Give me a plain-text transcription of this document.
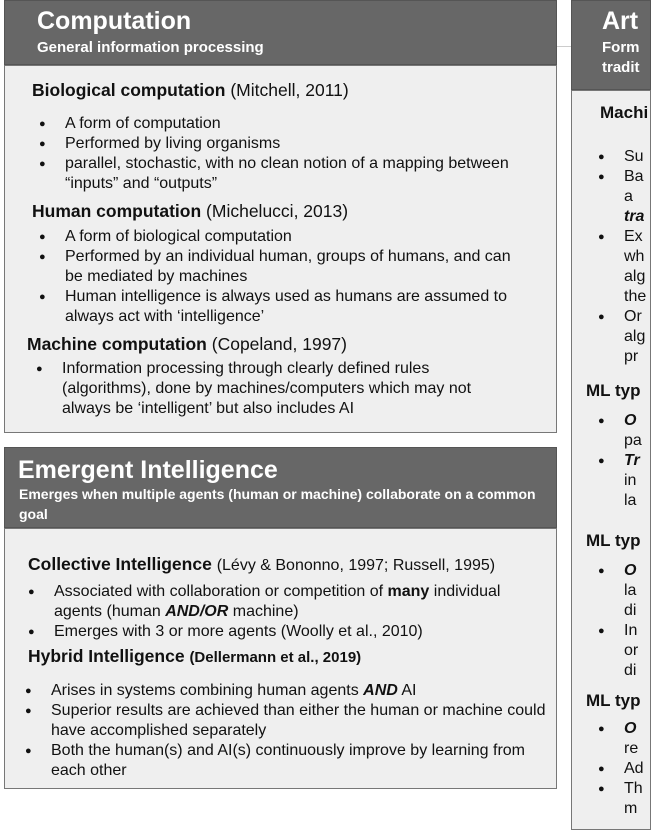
Computation
General information processing
Biological computation (Mitchell, 2011)
● A form of computation
● Performed by living organisms
● parallel, stochastic, with no clean notion of a mapping between “inputs” and “outputs”
Human computation (Michelucci, 2013)
● A form of biological computation
● Performed by an individual human, groups of humans, and can be mediated by machines
● Human intelligence is always used as humans are assumed to always act with ‘intelligence’
Machine computation (Copeland, 1997)
● Information processing through clearly defined rules (algorithms), done by machines/computers which may not always be ‘intelligent’ but also includes AI
Emergent Intelligence
Emerges when multiple agents (human or machine) collaborate on a common goal
Collective Intelligence (Lévy & Bononno, 1997; Russell, 1995)
● Associated with collaboration or competition of many individual agents (human AND/OR machine)
● Emerges with 3 or more agents (Woolly et al., 2010)
Hybrid Intelligence (Dellermann et al., 2019)
● Arises in systems combining human agents AND AI
● Superior results are achieved than either the human or machine could have accomplished separately
● Both the human(s) and AI(s) continuously improve by learning from each other
Art
Form
tradit
Machi
● Su
● Ba
a
tra
● Ex
wh
alg
the
● Or
alg
pr
ML typ
● O
pa
● Tr
in
la
ML typ
● O
la
di
● In
or
di
ML typ
● O
re
● Ad
● Th
m
